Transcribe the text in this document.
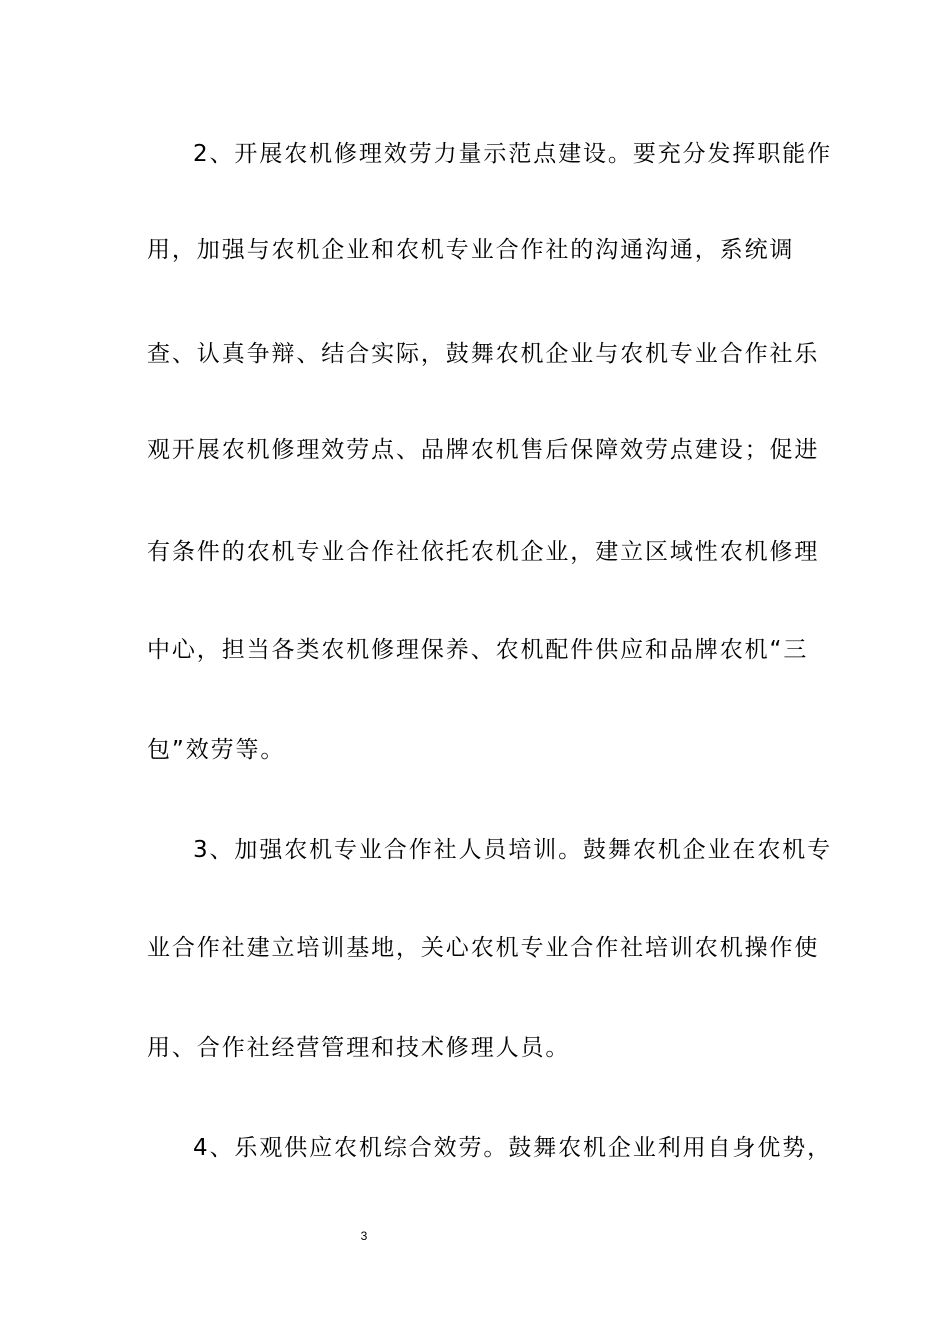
2、开展农机修理效劳力量示范点建设。要充分发挥职能作
用，加强与农机企业和农机专业合作社的沟通沟通，系统调
查、认真争辩、结合实际，鼓舞农机企业与农机专业合作社乐
观开展农机修理效劳点、品牌农机售后保障效劳点建设；促进
有条件的农机专业合作社依托农机企业，建立区域性农机修理
中心，担当各类农机修理保养、农机配件供应和品牌农机“三
包”效劳等。
3、加强农机专业合作社人员培训。鼓舞农机企业在农机专
业合作社建立培训基地，关心农机专业合作社培训农机操作使
用、合作社经营管理和技术修理人员。
4、乐观供应农机综合效劳。鼓舞农机企业利用自身优势，
3
